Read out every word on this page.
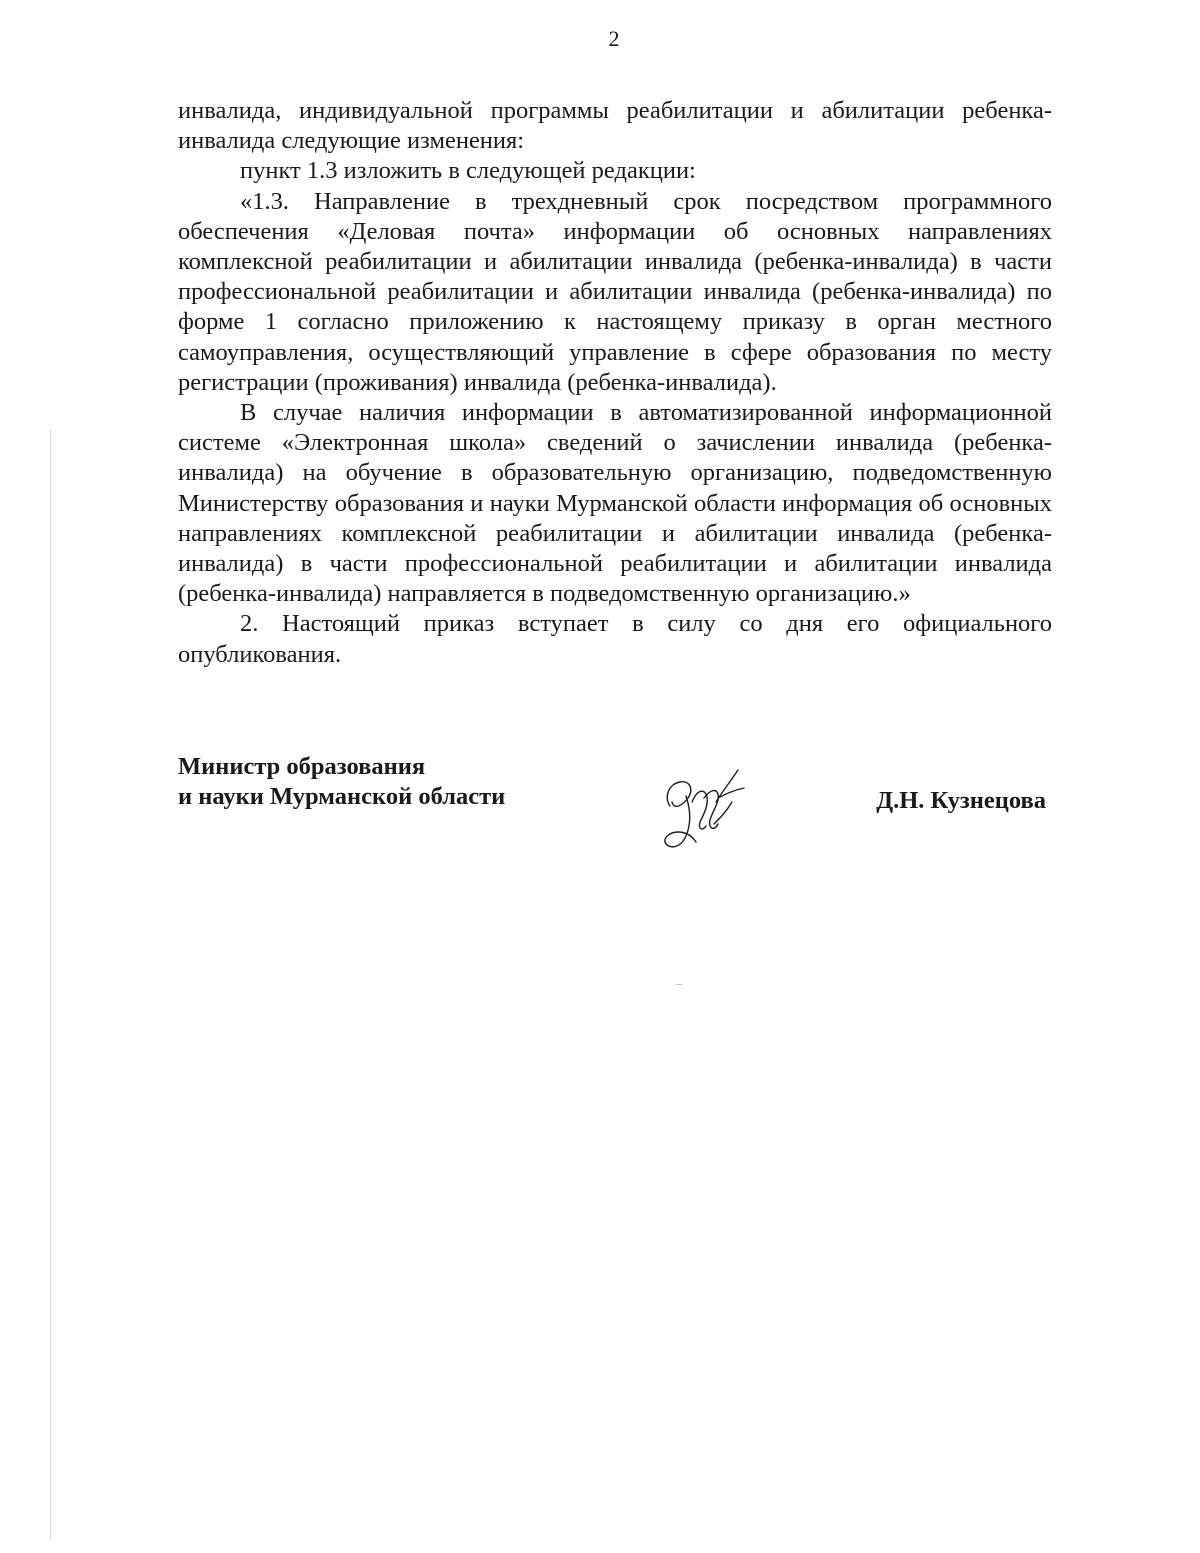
2

инвалида, индивидуальной программы реабилитации и абилитации ребенка-инвалида следующие изменения:

пункт 1.3 изложить в следующей редакции:

«1.3. Направление в трехдневный срок посредством программного обеспечения «Деловая почта» информации об основных направлениях комплексной реабилитации и абилитации инвалида (ребенка-инвалида) в части профессиональной реабилитации и абилитации инвалида (ребенка-инвалида) по форме 1 согласно приложению к настоящему приказу в орган местного самоуправления, осуществляющий управление в сфере образования по месту регистрации (проживания) инвалида (ребенка-инвалида).

В случае наличия информации в автоматизированной информационной системе «Электронная школа» сведений о зачислении инвалида (ребенка-инвалида) на обучение в образовательную организацию, подведомственную Министерству образования и науки Мурманской области информация об основных направлениях комплексной реабилитации и абилитации инвалида (ребенка-инвалида) в части профессиональной реабилитации и абилитации инвалида (ребенка-инвалида) направляется в подведомственную организацию.»

2. Настоящий приказ вступает в силу со дня его официального опубликования.

Министр образования
и науки Мурманской области	Д.Н. Кузнецова
